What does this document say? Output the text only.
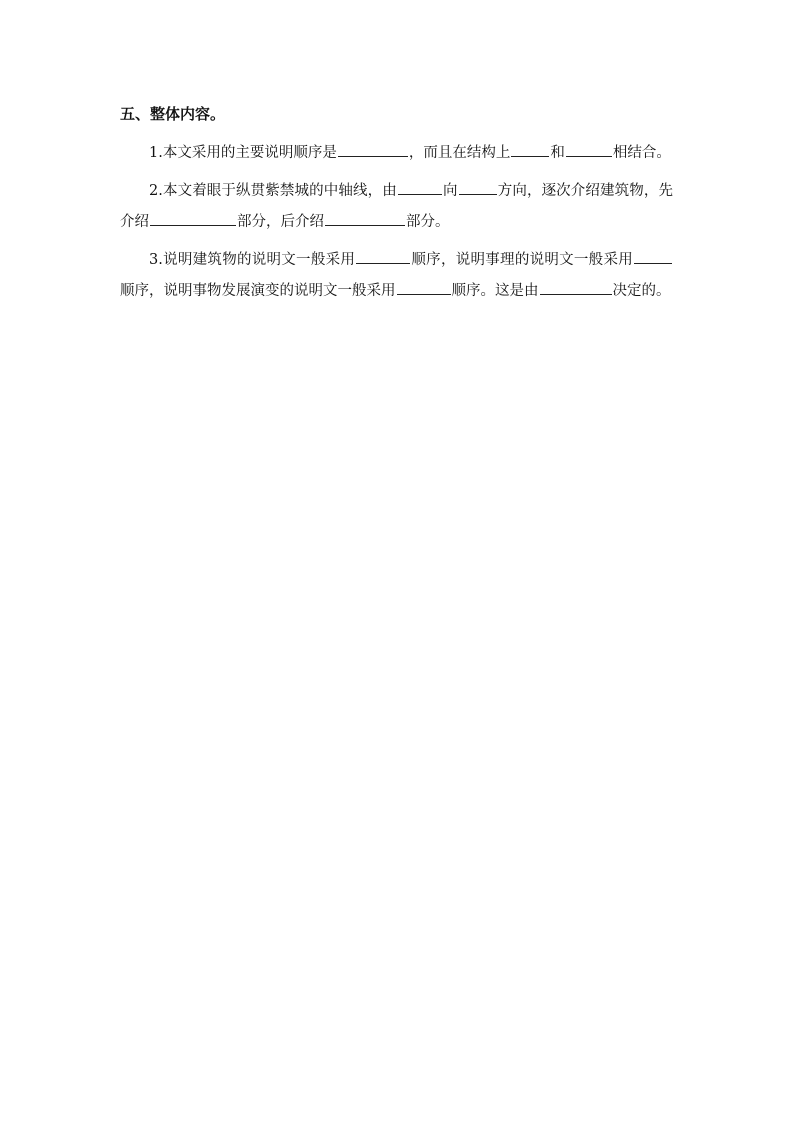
五、整体内容。

1.本文采用的主要说明顺序是	，而且在结构上	和	相结合。

2.本文着眼于纵贯紫禁城的中轴线，由	向	方向，逐次介绍建筑物，先介绍	部分，后介绍	部分。

3.说明建筑物的说明文一般采用	顺序，说明事理的说明文一般采用顺序，说明事物发展演变的说明文一般采用	顺序。这是由	决定的。
